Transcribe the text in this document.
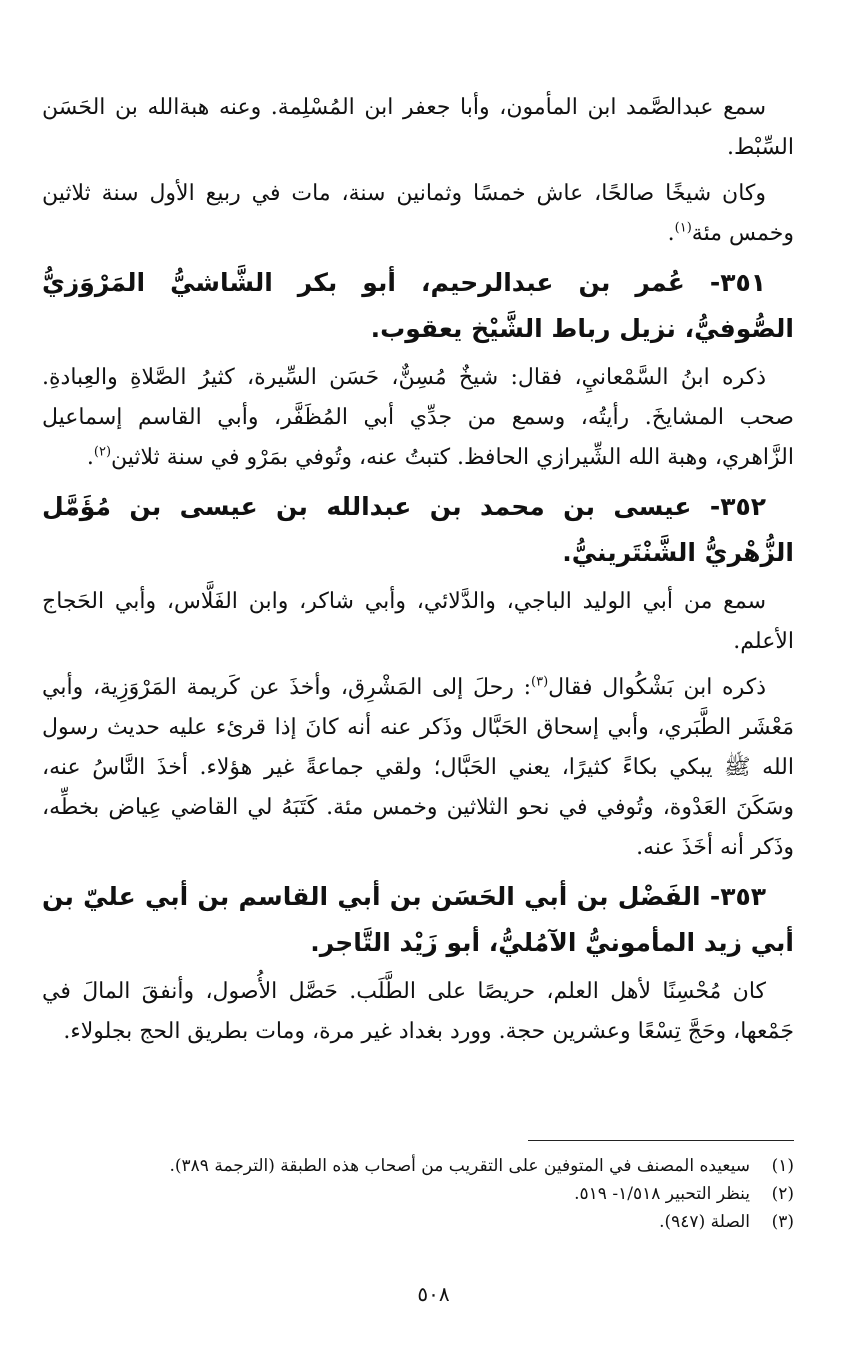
سمع عبدالصَّمد ابن المأمون، وأبا جعفر ابن المُسْلِمة. وعنه هبةالله بن الحَسَن السِّبْط.

وكان شيخًا صالحًا، عاش خمسًا وثمانين سنة، مات في ربيع الأول سنة ثلاثين وخمس مئة$^{(١)}$.

٣٥١- عُمر بن عبدالرحيم، أبو بكر الشَّاشيُّ المَرْوَزيُّ الصُّوفيُّ، نزيل رباط الشَّيْخ يعقوب.

ذكره ابنُ السَّمْعانيِ، فقال: شيخٌ مُسِنٌّ، حَسَن السِّيرة، كثيرُ الصَّلاةِ والعِبادةِ. صحب المشايخَ. رأيتُه، وسمع من جدِّي أبي المُظَفَّر، وأبي القاسم إسماعيل الزَّاهري، وهبة الله الشِّيرازي الحافظ. كتبتُ عنه، وتُوفي بمَرْو في سنة ثلاثين$^{(٢)}$.

٣٥٢- عيسى بن محمد بن عبدالله بن عيسى بن مُؤَمَّل الزُّهْريُّ الشَّنْتَرينيُّ.

سمع من أبي الوليد الباجي، والدَّلائي، وأبي شاكر، وابن الفَلَّاس، وأبي الحَجاج الأعلم.

ذكره ابن بَشْكُوال فقال$^{(٣)}$: رحلَ إلى المَشْرِق، وأخذَ عن كَريمة المَرْوَزِية، وأبي مَعْشَر الطَّبَري، وأبي إسحاق الحَبَّال وذَكر عنه أنه كانَ إذا قرئء عليه حديث رسول الله ﷺ يبكي بكاءً كثيرًا، يعني الحَبَّال؛ ولقي جماعةً غير هؤلاء. أخذَ النَّاسُ عنه، وسَكَنَ العَدْوة، وتُوفي في نحو الثلاثين وخمس مئة. كَتَبَهُ لي القاضي عِياض بخطِّه، وذَكر أنه أخَذَ عنه.

٣٥٣- الفَضْل بن أبي الحَسَن بن أبي القاسم بن أبي عليّ بن أبي زيد المأمونيُّ الآمُليُّ، أبو زَيْد التَّاجر.

كان مُحْسِنًا لأهل العلم، حريصًا على الطَّلَب. حَصَّل الأُصول، وأنفقَ المالَ في جَمْعها، وحَجَّ تِسْعًا وعشرين حجة. وورد بغداد غير مرة، ومات بطريق الحج بجلولاء.

(١)
سيعيده المصنف في المتوفين على التقريب من أصحاب هذه الطبقة (الترجمة ٣٨٩).
(٢)
ينظر التحبير ١/٥١٨- ٥١٩.
(٣)
الصلة (٩٤٧).
٥٠٨
